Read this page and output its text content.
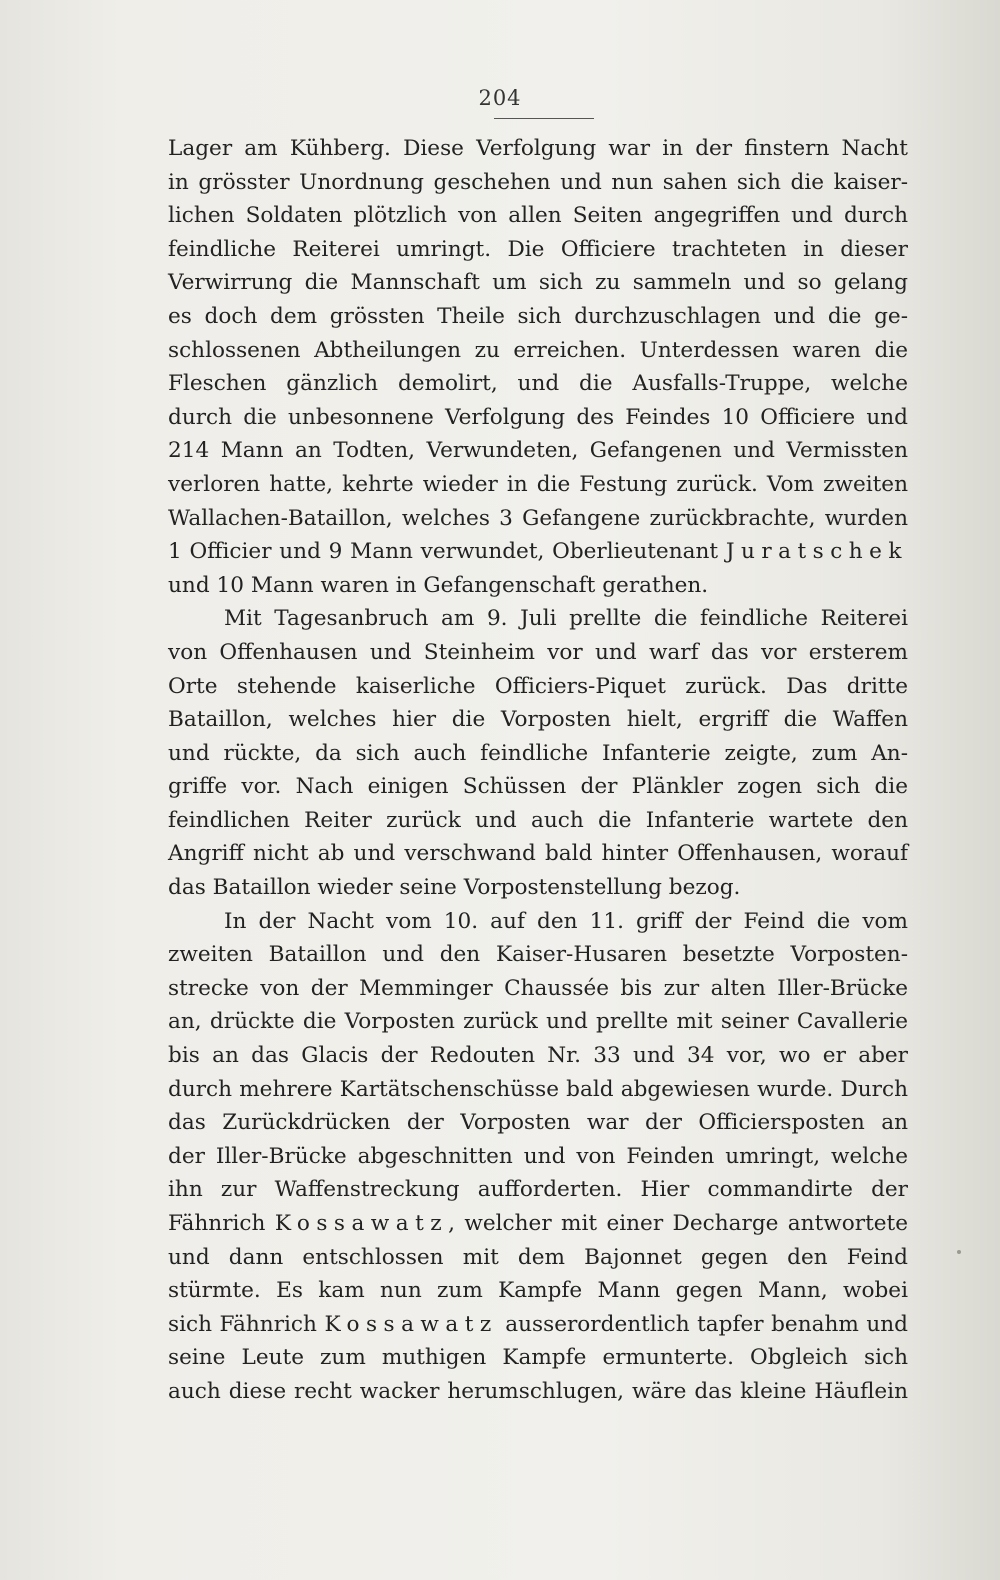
204
Lager am Kühberg. Diese Verfolgung war in der finstern Nacht
in grösster Unordnung geschehen und nun sahen sich die kaiser-
lichen Soldaten plötzlich von allen Seiten angegriffen und durch
feindliche Reiterei umringt. Die Officiere trachteten in dieser
Verwirrung die Mannschaft um sich zu sammeln und so gelang
es doch dem grössten Theile sich durchzuschlagen und die ge-
schlossenen Abtheilungen zu erreichen. Unterdessen waren die
Fleschen gänzlich demolirt, und die Ausfalls-Truppe, welche
durch die unbesonnene Verfolgung des Feindes 10 Officiere und
214 Mann an Todten, Verwundeten, Gefangenen und Vermissten
verloren hatte, kehrte wieder in die Festung zurück. Vom zweiten
Wallachen-Bataillon, welches 3 Gefangene zurückbrachte, wurden
1 Officier und 9 Mann verwundet, Oberlieutenant Juratschek
und 10 Mann waren in Gefangenschaft gerathen.
Mit Tagesanbruch am 9. Juli prellte die feindliche Reiterei
von Offenhausen und Steinheim vor und warf das vor ersterem
Orte stehende kaiserliche Officiers-Piquet zurück. Das dritte
Bataillon, welches hier die Vorposten hielt, ergriff die Waffen
und rückte, da sich auch feindliche Infanterie zeigte, zum An-
griffe vor. Nach einigen Schüssen der Plänkler zogen sich die
feindlichen Reiter zurück und auch die Infanterie wartete den
Angriff nicht ab und verschwand bald hinter Offenhausen, worauf
das Bataillon wieder seine Vorpostenstellung bezog.
In der Nacht vom 10. auf den 11. griff der Feind die vom
zweiten Bataillon und den Kaiser-Husaren besetzte Vorposten-
strecke von der Memminger Chaussée bis zur alten Iller-Brücke
an, drückte die Vorposten zurück und prellte mit seiner Cavallerie
bis an das Glacis der Redouten Nr. 33 und 34 vor, wo er aber
durch mehrere Kartätschenschüsse bald abgewiesen wurde. Durch
das Zurückdrücken der Vorposten war der Officiersposten an
der Iller-Brücke abgeschnitten und von Feinden umringt, welche
ihn zur Waffenstreckung aufforderten. Hier commandirte der
Fähnrich Kossawatz, welcher mit einer Decharge antwortete
und dann entschlossen mit dem Bajonnet gegen den Feind
stürmte. Es kam nun zum Kampfe Mann gegen Mann, wobei
sich Fähnrich Kossawatz ausserordentlich tapfer benahm und
seine Leute zum muthigen Kampfe ermunterte. Obgleich sich
auch diese recht wacker herumschlugen, wäre das kleine Häuflein
